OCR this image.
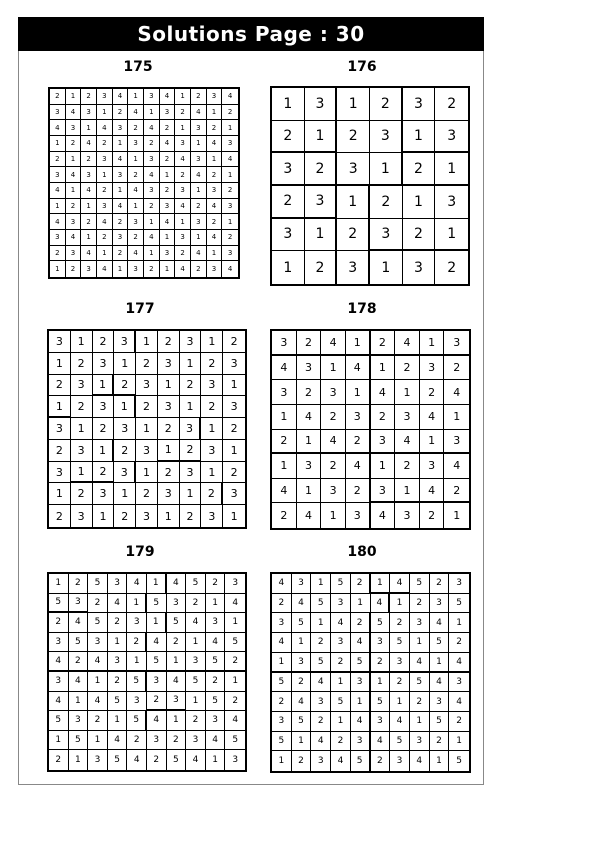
Solutions Page : 30
175	176
177	178
179	180
2	1	2	3	4	1	3	4	1	2	3	4
3	4	3	1	2	4	1	3	2	4	1	2
4	3	1	4	3	2	4	2	1	3	2	1
1	2	4	2	1	3	2	4	3	1	4	3
2	1	2	3	4	1	3	2	4	3	1	4
3	4	3	1	3	2	4	1	2	4	2	1
4	1	4	2	1	4	3	2	3	1	3	2
1	2	1	3	4	1	2	3	4	2	4	3
4	3	2	4	2	3	1	4	1	3	2	1
3	4	1	2	3	2	4	1	3	1	4	2
2	3	4	1	2	4	1	3	2	4	1	3
1	2	3	4	1	3	2	1	4	2	3	4
1	3	1	2	3	2
2	1	2	3	1	3
3	2	3	1	2	1
2	3	1	2	1	3
3	1	2	3	2	1
1	2	3	1	3	2
3	1	2	3	1	2	3	1	2
1	2	3	1	2	3	1	2	3
2	3	1	2	3	1	2	3	1
1	2	3	1	2	3	1	2	3
3	1	2	3	1	2	3	1	2
2	3	1	2	3	1	2	3	1
3	1	2	3	1	2	3	1	2
1	2	3	1	2	3	1	2	3
2	3	1	2	3	1	2	3	1
3	2	4	1	2	4	1	3
4	3	1	4	1	2	3	2
3	2	3	1	4	1	2	4
1	4	2	3	2	3	4	1
2	1	4	2	3	4	1	3
1	3	2	4	1	2	3	4
4	1	3	2	3	1	4	2
2	4	1	3	4	3	2	1
1	2	5	3	4	1	4	5	2	3
5	3	2	4	1	5	3	2	1	4
2	4	5	2	3	1	5	4	3	1
3	5	3	1	2	4	2	1	4	5
4	2	4	3	1	5	1	3	5	2
3	4	1	2	5	3	4	5	2	1
4	1	4	5	3	2	3	1	5	2
5	3	2	1	5	4	1	2	3	4
1	5	1	4	2	3	2	3	4	5
2	1	3	5	4	2	5	4	1	3
4	3	1	5	2	1	4	5	2	3
2	4	5	3	1	4	1	2	3	5
3	5	1	4	2	5	2	3	4	1
4	1	2	3	4	3	5	1	5	2
1	3	5	2	5	2	3	4	1	4
5	2	4	1	3	1	2	5	4	3
2	4	3	5	1	5	1	2	3	4
3	5	2	1	4	3	4	1	5	2
5	1	4	2	3	4	5	3	2	1
1	2	3	4	5	2	3	4	1	5
